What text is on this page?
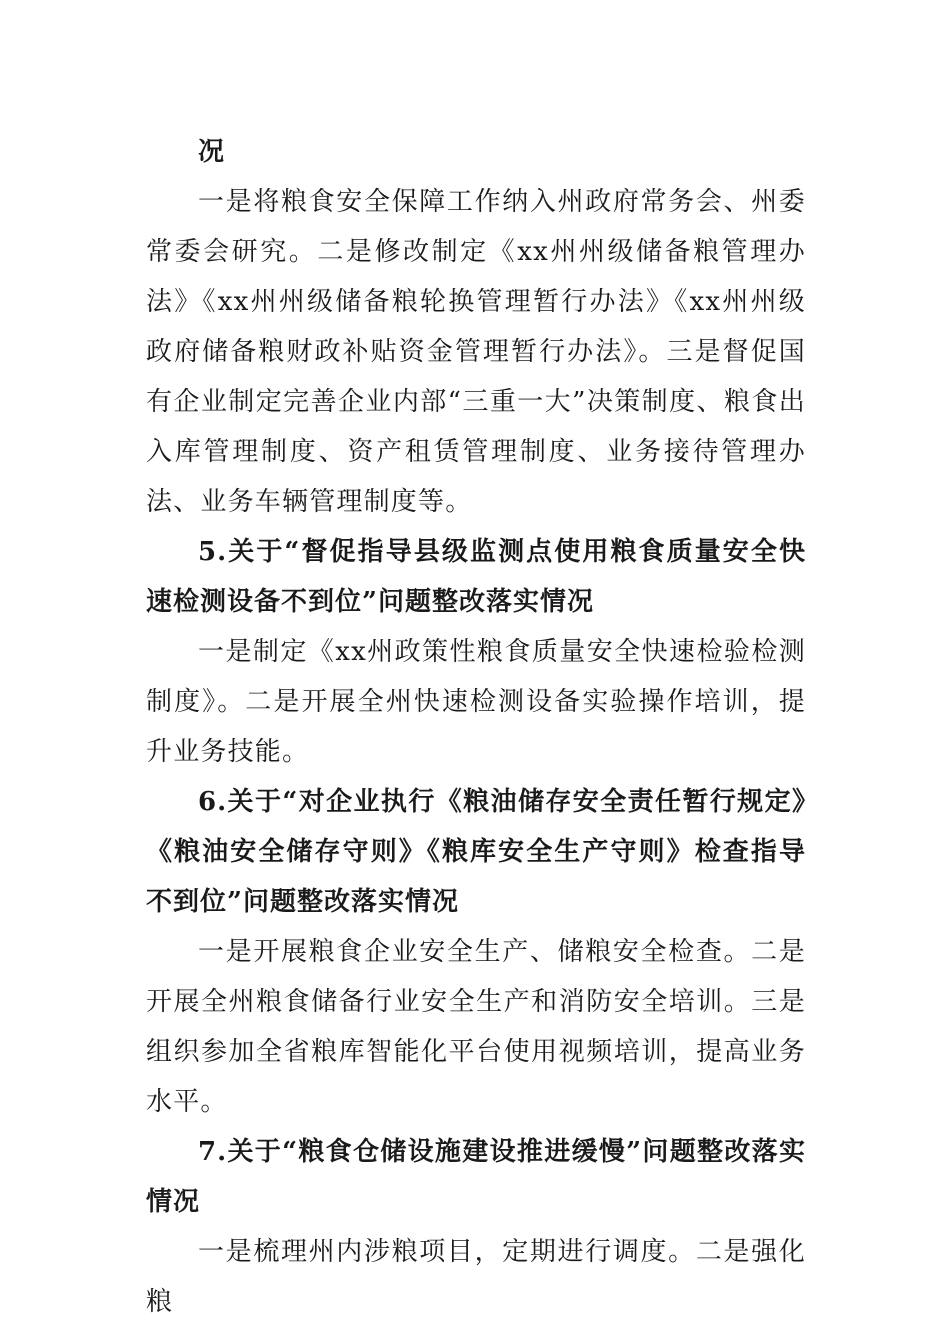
况

一是将粮食安全保障工作纳入州政府常务会、州委常委会研究。二是修改制定《xx州州级储备粮管理办法》《xx州州级储备粮轮换管理暂行办法》《xx州州级政府储备粮财政补贴资金管理暂行办法》。三是督促国有企业制定完善企业内部“三重一大”决策制度、粮食出入库管理制度、资产租赁管理制度、业务接待管理办法、业务车辆管理制度等。

5.关于“督促指导县级监测点使用粮食质量安全快速检测设备不到位”问题整改落实情况

一是制定《xx州政策性粮食质量安全快速检验检测制度》。二是开展全州快速检测设备实验操作培训，提升业务技能。

6.关于“对企业执行《粮油储存安全责任暂行规定》《粮油安全储存守则》《粮库安全生产守则》检查指导不到位”问题整改落实情况

一是开展粮食企业安全生产、储粮安全检查。二是开展全州粮食储备行业安全生产和消防安全培训。三是组织参加全省粮库智能化平台使用视频培训，提高业务水平。

7.关于“粮食仓储设施建设推进缓慢”问题整改落实情况

一是梳理州内涉粮项目，定期进行调度。二是强化粮
